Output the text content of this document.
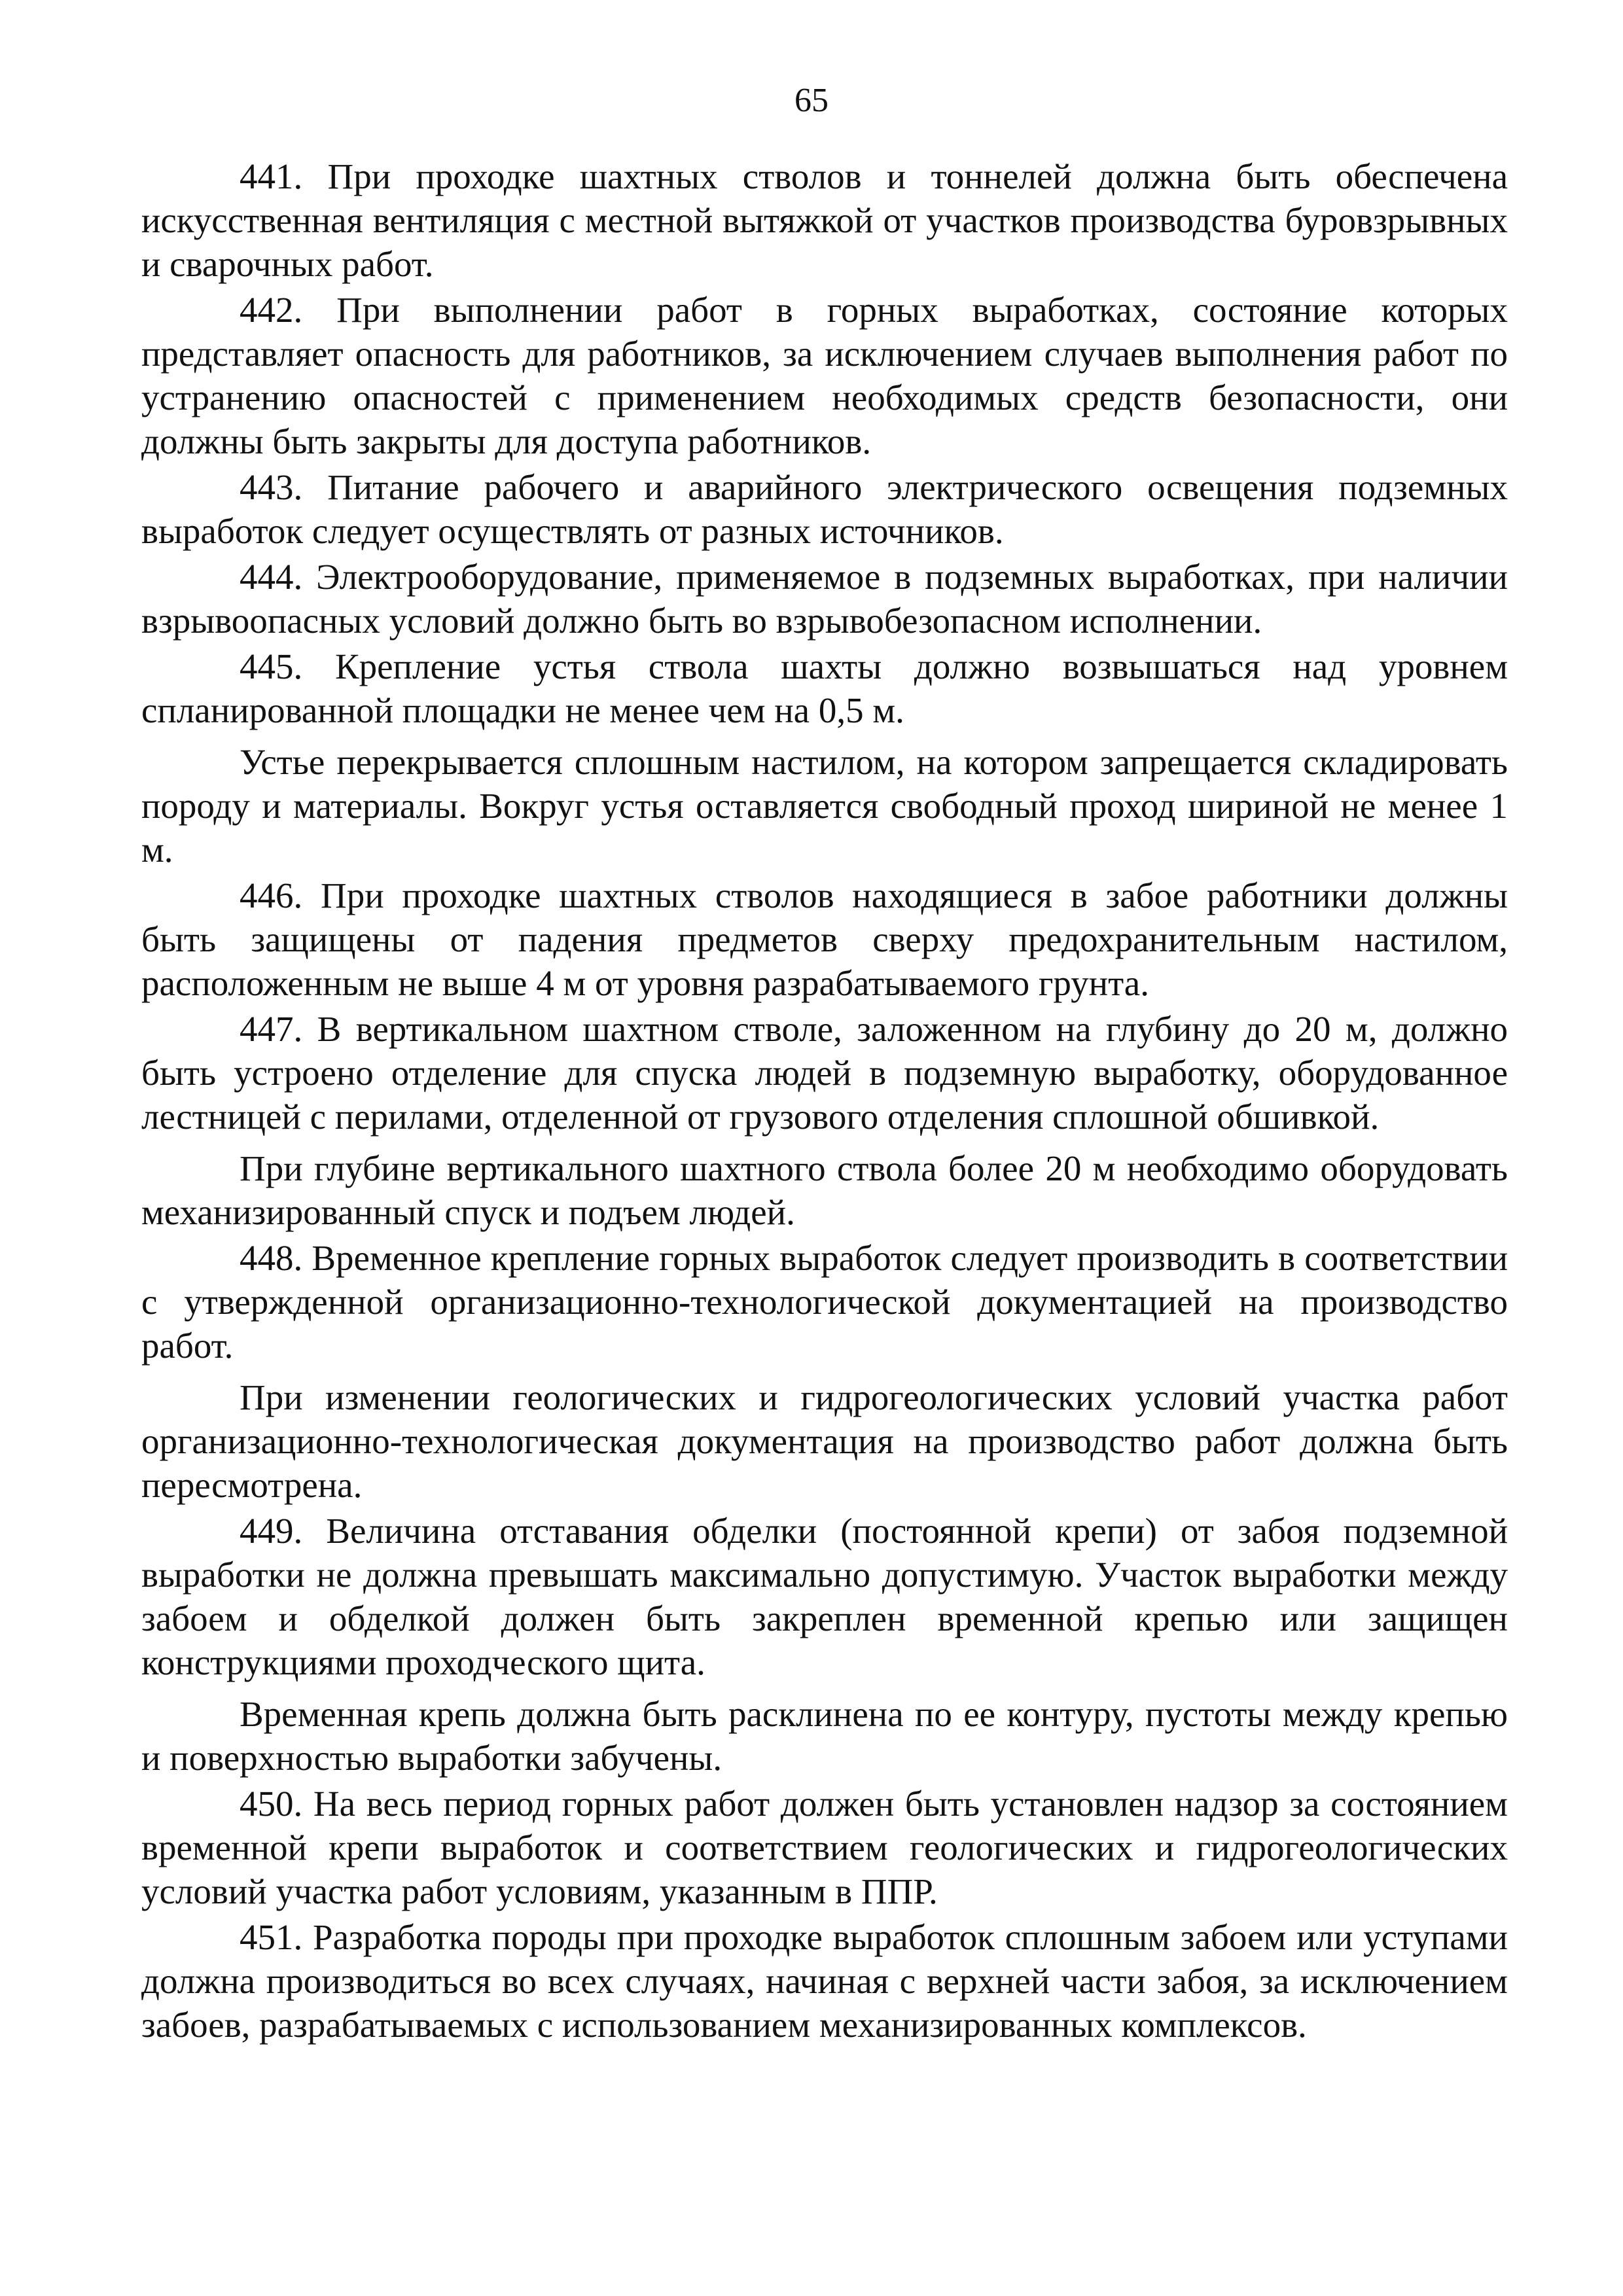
65

441. При проходке шахтных стволов и тоннелей должна быть обеспечена искусственная вентиляция с местной вытяжкой от участков производства буровзрывных и сварочных работ.

442. При выполнении работ в горных выработках, состояние которых представляет опасность для работников, за исключением случаев выполнения работ по устранению опасностей с применением необходимых средств безопасности, они должны быть закрыты для доступа работников.

443. Питание рабочего и аварийного электрического освещения подземных выработок следует осуществлять от разных источников.

444. Электрооборудование, применяемое в подземных выработках, при наличии взрывоопасных условий должно быть во взрывобезопасном исполнении.

445. Крепление устья ствола шахты должно возвышаться над уровнем спланированной площадки не менее чем на 0,5 м.

Устье перекрывается сплошным настилом, на котором запрещается складировать породу и материалы. Вокруг устья оставляется свободный проход шириной не менее 1 м.

446. При проходке шахтных стволов находящиеся в забое работники должны быть защищены от падения предметов сверху предохранительным настилом, расположенным не выше 4 м от уровня разрабатываемого грунта.

447. В вертикальном шахтном стволе, заложенном на глубину до 20 м, должно быть устроено отделение для спуска людей в подземную выработку, оборудованное лестницей с перилами, отделенной от грузового отделения сплошной обшивкой.

При глубине вертикального шахтного ствола более 20 м необходимо оборудовать механизированный спуск и подъем людей.

448. Временное крепление горных выработок следует производить в соответствии с утвержденной организационно-технологической документацией на производство работ.

При изменении геологических и гидрогеологических условий участка работ организационно-технологическая документация на производство работ должна быть пересмотрена.

449. Величина отставания обделки (постоянной крепи) от забоя подземной выработки не должна превышать максимально допустимую. Участок выработки между забоем и обделкой должен быть закреплен временной крепью или защищен конструкциями проходческого щита.

Временная крепь должна быть расклинена по ее контуру, пустоты между крепью и поверхностью выработки забучены.

450. На весь период горных работ должен быть установлен надзор за состоянием временной крепи выработок и соответствием геологических и гидрогеологических условий участка работ условиям, указанным в ППР.

451. Разработка породы при проходке выработок сплошным забоем или уступами должна производиться во всех случаях, начиная с верхней части забоя, за исключением забоев, разрабатываемых с использованием механизированных комплексов.
